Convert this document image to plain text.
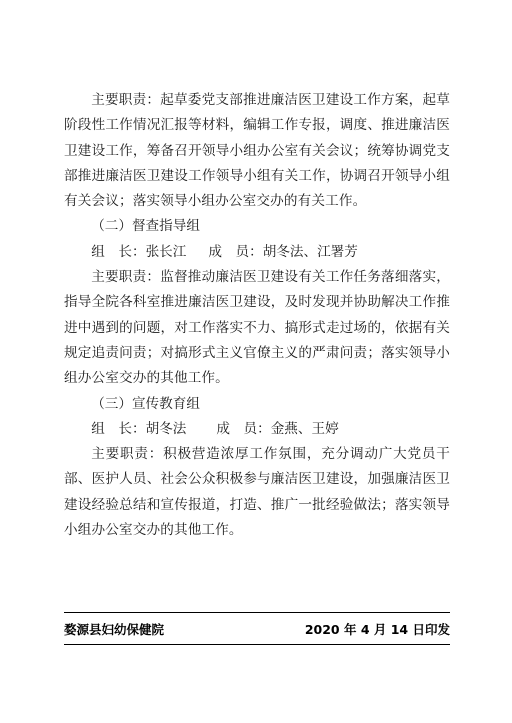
主要职责：起草委党支部推进廉洁医卫建设工作方案，起草阶段性工作情况汇报等材料，编辑工作专报，调度、推进廉洁医卫建设工作，筹备召开领导小组办公室有关会议；统筹协调党支部推进廉洁医卫建设工作领导小组有关工作，协调召开领导小组有关会议；落实领导小组办公室交办的有关工作。

（二）督查指导组

组　长：张长江 成　员：胡冬法、江署芳

主要职责：监督推动廉洁医卫建设有关工作任务落细落实，指导全院各科室推进廉洁医卫建设，及时发现并协助解决工作推进中遇到的问题，对工作落实不力、搞形式走过场的，依据有关规定追责问责；对搞形式主义官僚主义的严肃问责；落实领导小组办公室交办的其他工作。

（三）宣传教育组

组　长：胡冬法 成　员：金燕、王婷

主要职责：积极营造浓厚工作氛围，充分调动广大党员干部、医护人员、社会公众积极参与廉洁医卫建设，加强廉洁医卫建设经验总结和宣传报道，打造、推广一批经验做法；落实领导小组办公室交办的其他工作。

婺源县妇幼保健院	2020 年 4 月 14 日印发
